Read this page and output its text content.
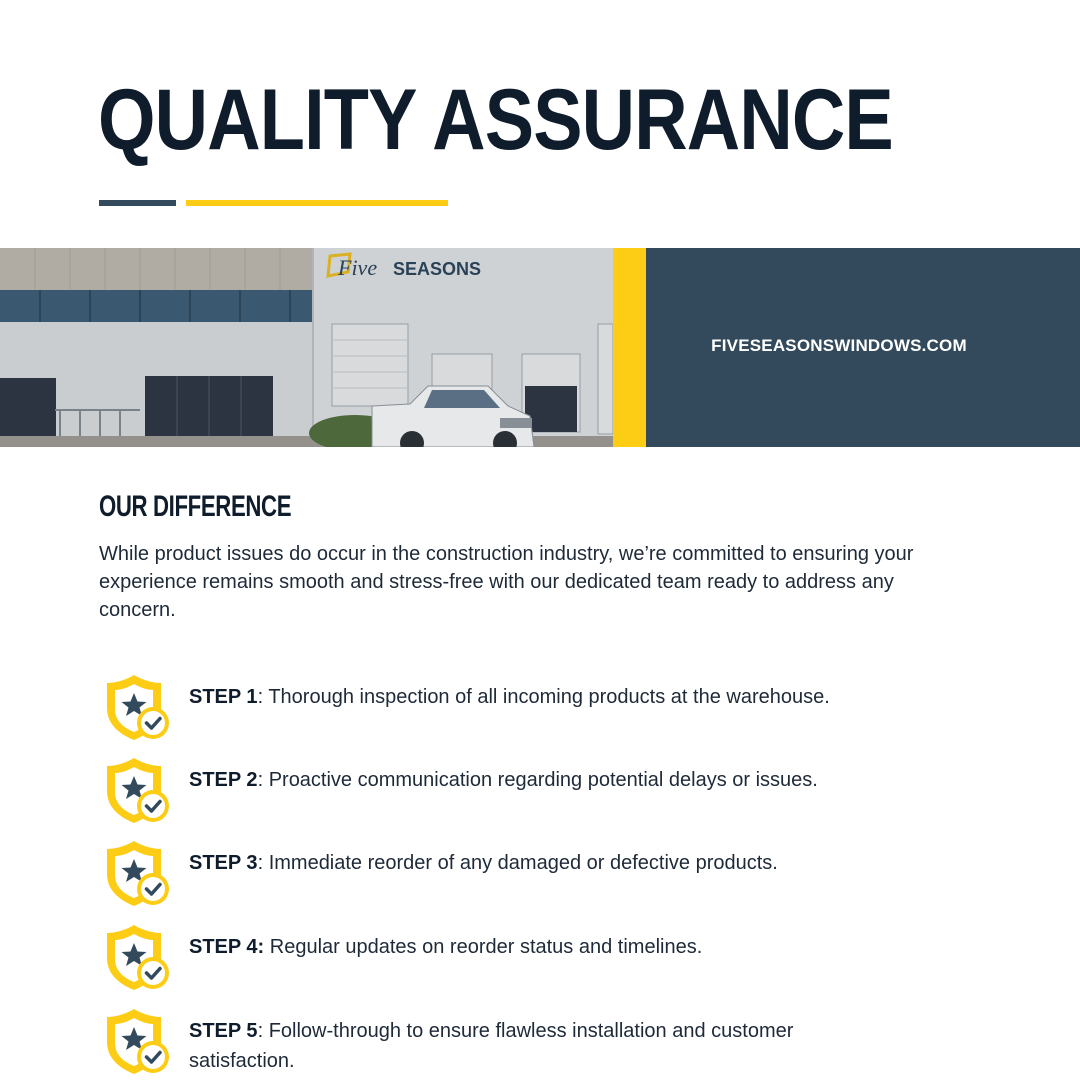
QUALITY ASSURANCE
Five SEASONS
FIVESEASONSWINDOWS.COM
OUR DIFFERENCE
While product issues do occur in the construction industry, we’re committed to ensuring your experience remains smooth and stress-free with our dedicated team ready to address any concern.
STEP 1: Thorough inspection of all incoming products at the warehouse.
STEP 2: Proactive communication regarding potential delays or issues.
STEP 3: Immediate reorder of any damaged or defective products.
STEP 4: Regular updates on reorder status and timelines.
STEP 5: Follow-through to ensure flawless installation and customer satisfaction.
